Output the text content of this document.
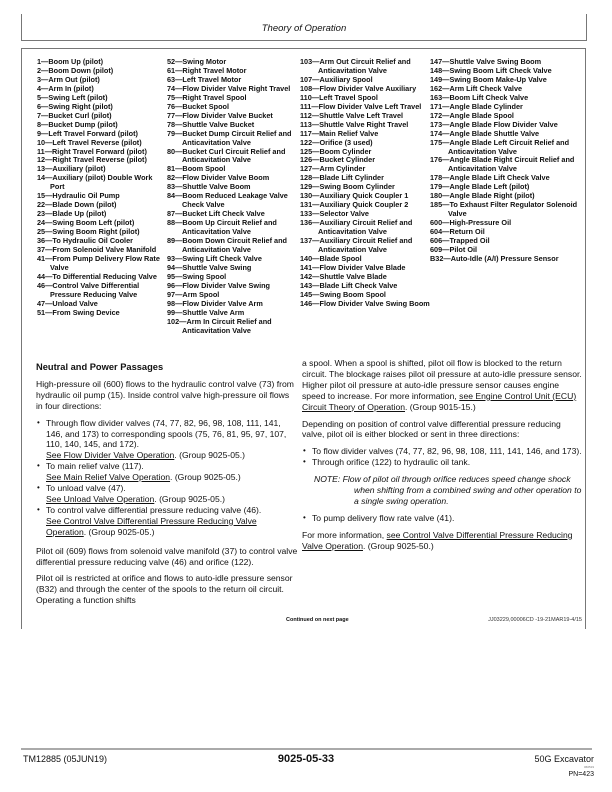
Theory of Operation
1—Boom Up (pilot)
2—Boom Down (pilot)
3—Arm Out (pilot)
4—Arm In (pilot)
5—Swing Left (pilot)
6—Swing Right (pilot)
7—Bucket Curl (pilot)
8—Bucket Dump (pilot)
9—Left Travel Forward (pilot)
10—Left Travel Reverse (pilot)
11—Right Travel Forward (pilot)
12—Right Travel Reverse (pilot)
13—Auxiliary (pilot)
14—Auxiliary (pilot) Double Work Port
15—Hydraulic Oil Pump
22—Blade Down (pilot)
23—Blade Up (pilot)
24—Swing Boom Left (pilot)
25—Swing Boom Right (pilot)
36—To Hydraulic Oil Cooler
37—From Solenoid Valve Manifold
41—From Pump Delivery Flow Rate Valve
44—To Differential Reducing Valve
46—Control Valve Differential Pressure Reducing Valve
47—Unload Valve
51—From Swing Device
52—Swing Motor
61—Right Travel Motor
63—Left Travel Motor
74—Flow Divider Valve Right Travel
75—Right Travel Spool
76—Bucket Spool
77—Flow Divider Valve Bucket
78—Shuttle Valve Bucket
79—Bucket Dump Circuit Relief and Anticavitation Valve
80—Bucket Curl Circuit Relief and Anticavitation Valve
81—Boom Spool
82—Flow Divider Valve Boom
83—Shuttle Valve Boom
84—Boom Reduced Leakage Valve Check Valve
87—Bucket Lift Check Valve
88—Boom Up Circuit Relief and Anticavitation Valve
89—Boom Down Circuit Relief and Anticavitation Valve
93—Swing Lift Check Valve
94—Shuttle Valve Swing
95—Swing Spool
96—Flow Divider Valve Swing
97—Arm Spool
98—Flow Divider Valve Arm
99—Shuttle Valve Arm
102—Arm In Circuit Relief and Anticavitation Valve
103—Arm Out Circuit Relief and Anticavitation Valve
107—Auxiliary Spool
108—Flow Divider Valve Auxiliary
110—Left Travel Spool
111—Flow Divider Valve Left Travel
112—Shuttle Valve Left Travel
113—Shuttle Valve Right Travel
117—Main Relief Valve
122—Orifice (3 used)
125—Boom Cylinder
126—Bucket Cylinder
127—Arm Cylinder
128—Blade Lift Cylinder
129—Swing Boom Cylinder
130—Auxiliary Quick Coupler 1
131—Auxiliary Quick Coupler 2
133—Selector Valve
136—Auxiliary Circuit Relief and Anticavitation Valve
137—Auxiliary Circuit Relief and Anticavitation Valve
140—Blade Spool
141—Flow Divider Valve Blade
142—Shuttle Valve Blade
143—Blade Lift Check Valve
145—Swing Boom Spool
146—Flow Divider Valve Swing Boom
147—Shuttle Valve Swing Boom
148—Swing Boom Lift Check Valve
149—Swing Boom Make-Up Valve
162—Arm Lift Check Valve
163—Boom Lift Check Valve
171—Angle Blade Cylinder
172—Angle Blade Spool
173—Angle Blade Flow Divider Valve
174—Angle Blade Shuttle Valve
175—Angle Blade Left Circuit Relief and Anticavitation Valve
176—Angle Blade Right Circuit Relief and Anticavitation Valve
178—Angle Blade Lift Check Valve
179—Angle Blade Left (pilot)
180—Angle Blade Right (pilot)
185—To Exhaust Filter Regulator Solenoid Valve
600—High-Pressure Oil
604—Return Oil
606—Trapped Oil
609—Pilot Oil
B32—Auto-Idle (A/I) Pressure Sensor

Neutral and Power Passages

High-pressure oil (600) flows to the hydraulic control valve (73) from hydraulic oil pump (15). Inside control valve high-pressure oil flows in four directions:

• Through flow divider valves (74, 77, 82, 96, 98, 108, 111, 141, 146, and 173) to corresponding spools (75, 76, 81, 95, 97, 107, 110, 140, 145, and 172).
See Flow Divider Valve Operation. (Group 9025-05.)
• To main relief valve (117).
See Main Relief Valve Operation. (Group 9025-05.)
• To unload valve (47).
See Unload Valve Operation. (Group 9025-05.)
• To control valve differential pressure reducing valve (46).
See Control Valve Differential Pressure Reducing Valve Operation. (Group 9025-05.)

Pilot oil (609) flows from solenoid valve manifold (37) to control valve differential pressure reducing valve (46) and orifice (122).

Pilot oil is restricted at orifice and flows to auto-idle pressure sensor (B32) and through the center of the spools to the return oil circuit. Operating a function shifts

a spool. When a spool is shifted, pilot oil flow is blocked to the return circuit. The blockage raises pilot oil pressure at auto-idle pressure sensor. Higher pilot oil pressure at auto-idle pressure sensor causes engine speed to increase. For more information, see Engine Control Unit (ECU) Circuit Theory of Operation. (Group 9015-15.)

Depending on position of control valve differential pressure reducing valve, pilot oil is either blocked or sent in three directions:

• To flow divider valves (74, 77, 82, 96, 98, 108, 111, 141, 146, and 173).
• Through orifice (122) to hydraulic oil tank.

NOTE: Flow of pilot oil through orifice reduces speed change shock when shifting from a combined swing and other operation to a single swing operation.

• To pump delivery flow rate valve (41).

For more information, see Control Valve Differential Pressure Reducing Valve Operation. (Group 9025-50.)

Continued on next page	JJ03229,00006CD -19-21MAR19-4/15
TM12885 (05JUN19)	9025-05-33	50G Excavator
060519
PN=423
